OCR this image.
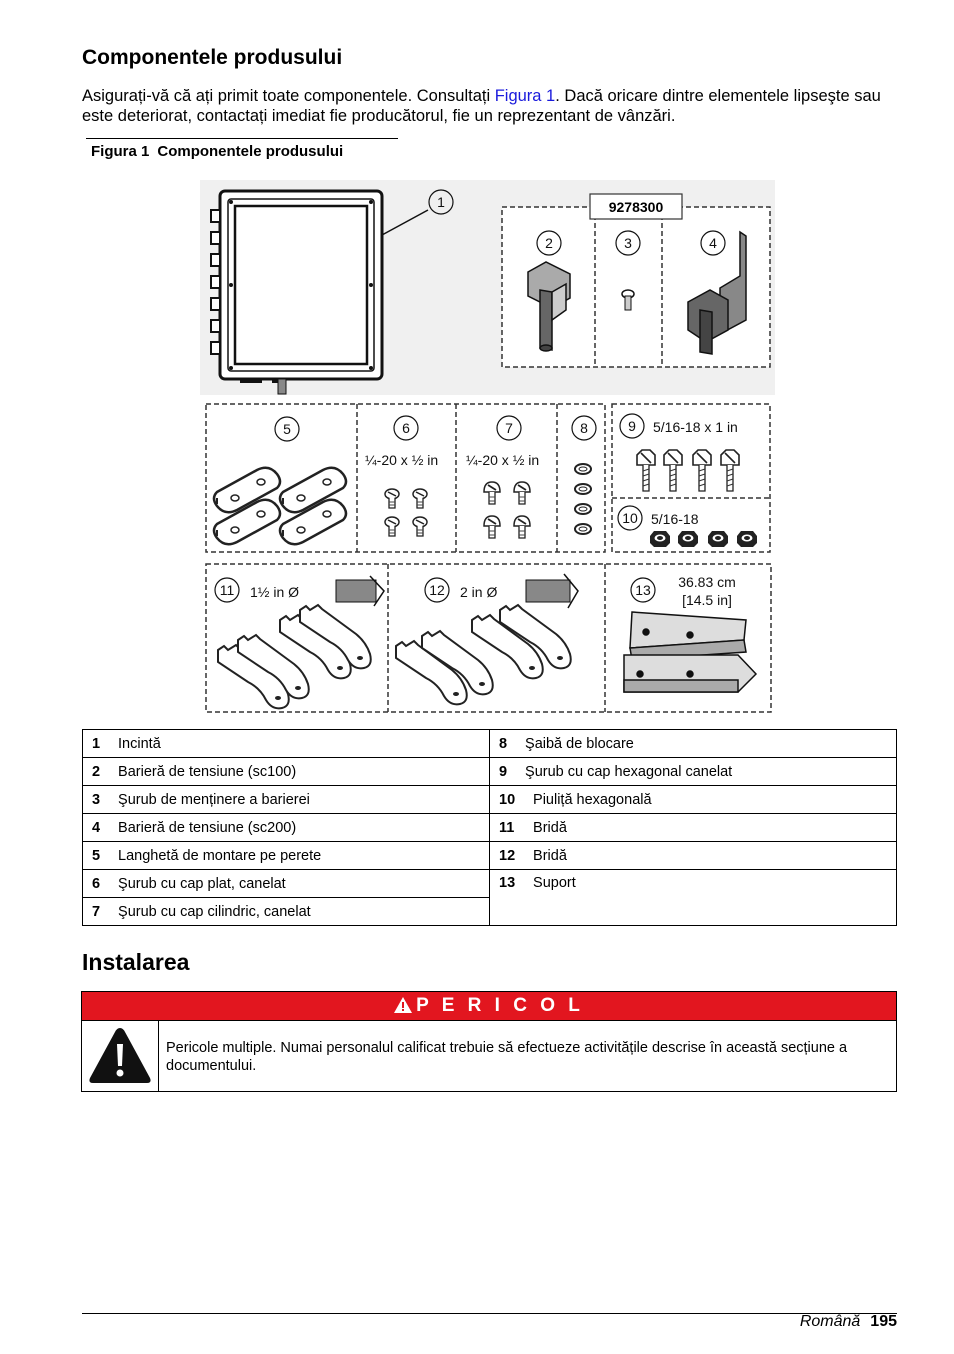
Componentele produsului

Asigurați-vă că ați primit toate componentele. Consultați Figura 1. Dacă oricare dintre elementele lipseşte sau este deteriorat, contactați imediat fie producătorul, fie un reprezentant de vânzări.

Figura 1 Componentele produsului
9278300
1
2	3	4
5	6	7	8	9
10
11	12	13
¼-20 x ½ in ¼-20 x ½ in
5/16-18 x 1 in
5/16-18
1½ in Ø	2 in Ø
36.83 cm
[14.5 in]
1 Incintă	8 Şaibă de blocare
2 Barieră de tensiune (sc100)	9 Şurub cu cap hexagonal canelat
3 Şurub de menținere a barierei	10 Piuliță hexagonală
4 Barieră de tensiune (sc200)	11 Bridă
5 Langhetă de montare pe perete	12 Bridă
6 Şurub cu cap plat, canelat	13 Suport
7 Şurub cu cap cilindric, canelat	
Instalarea
P E R I C O L
Pericole multiple. Numai personalul calificat trebuie să efectueze activitățile descrise în această secțiune a documentului.
Română 195
